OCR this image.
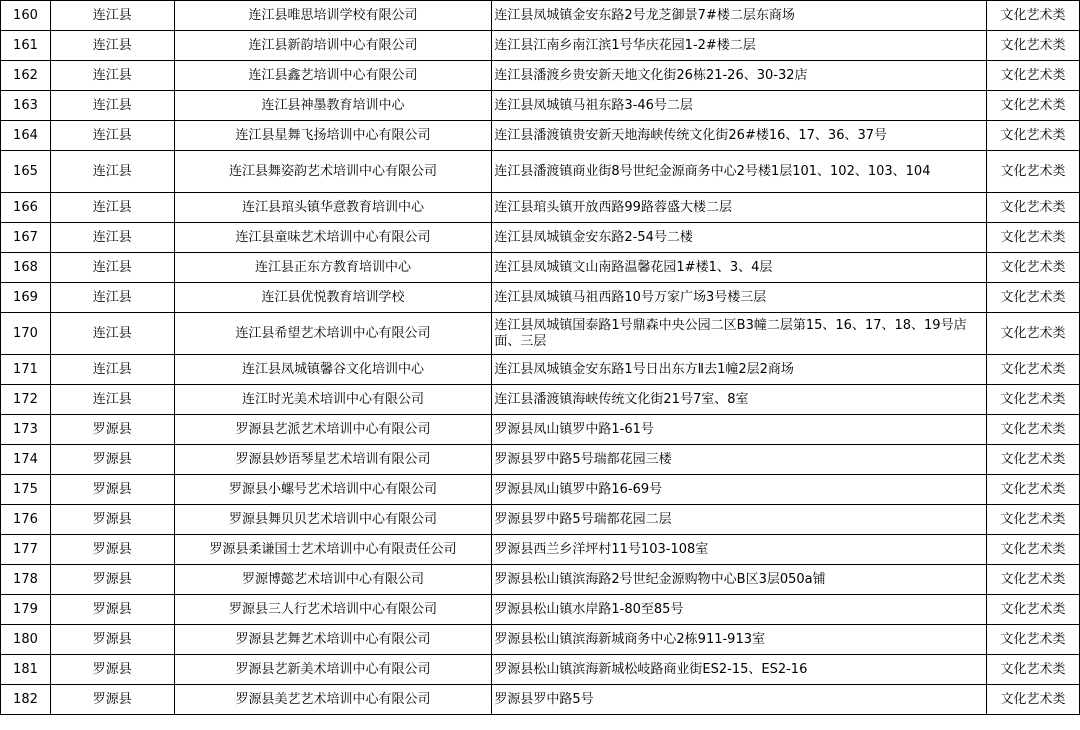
160	连江县	连江县唯思培训学校有限公司	连江县凤城镇金安东路2号龙芝御景7#楼二层东商场	文化艺术类
161	连江县	连江县新韵培训中心有限公司	连江县江南乡南江滨1号华庆花园1-2#楼二层	文化艺术类
162	连江县	连江县鑫艺培训中心有限公司	连江县潘渡乡贵安新天地文化街26栋21-26、30-32店	文化艺术类
163	连江县	连江县神墨教育培训中心	连江县凤城镇马祖东路3-46号二层	文化艺术类
164	连江县	连江县星舞飞扬培训中心有限公司	连江县潘渡镇贵安新天地海峡传统文化街26#楼16、17、36、37号	文化艺术类
165	连江县	连江县舞姿韵艺术培训中心有限公司	连江县潘渡镇商业街8号世纪金源商务中心2号楼1层101、102、103、104	文化艺术类
166	连江县	连江县琯头镇华意教育培训中心	连江县琯头镇开放西路99路蓉盛大楼二层	文化艺术类
167	连江县	连江县童味艺术培训中心有限公司	连江县凤城镇金安东路2-54号二楼	文化艺术类
168	连江县	连江县正东方教育培训中心	连江县凤城镇文山南路温馨花园1#楼1、3、4层	文化艺术类
169	连江县	连江县优悦教育培训学校	连江县凤城镇马祖西路10号万家广场3号楼三层	文化艺术类
170	连江县	连江县希望艺术培训中心有限公司	连江县凤城镇国泰路1号鼎森中央公园二区B3幢二层第15、16、17、18、19号店面、三层	文化艺术类
171	连江县	连江县凤城镇馨谷文化培训中心	连江县凤城镇金安东路1号日出东方Ⅱ去1幢2层2商场	文化艺术类
172	连江县	连江时光美术培训中心有限公司	连江县潘渡镇海峡传统文化街21号7室、8室	文化艺术类
173	罗源县	罗源县艺派艺术培训中心有限公司	罗源县凤山镇罗中路1-61号	文化艺术类
174	罗源县	罗源县妙语琴星艺术培训有限公司	罗源县罗中路5号瑞都花园三楼	文化艺术类
175	罗源县	罗源县小螺号艺术培训中心有限公司	罗源县凤山镇罗中路16-69号	文化艺术类
176	罗源县	罗源县舞贝贝艺术培训中心有限公司	罗源县罗中路5号瑞都花园二层	文化艺术类
177	罗源县	罗源县柔谦国士艺术培训中心有限责任公司	罗源县西兰乡洋坪村11号103-108室	文化艺术类
178	罗源县	罗源博懿艺术培训中心有限公司	罗源县松山镇滨海路2号世纪金源购物中心B区3层050a铺	文化艺术类
179	罗源县	罗源县三人行艺术培训中心有限公司	罗源县松山镇水岸路1-80至85号	文化艺术类
180	罗源县	罗源县艺舞艺术培训中心有限公司	罗源县松山镇滨海新城商务中心2栋911-913室	文化艺术类
181	罗源县	罗源县艺新美术培训中心有限公司	罗源县松山镇滨海新城松岐路商业街ES2-15、ES2-16	文化艺术类
182	罗源县	罗源县美艺艺术培训中心有限公司	罗源县罗中路5号	文化艺术类
